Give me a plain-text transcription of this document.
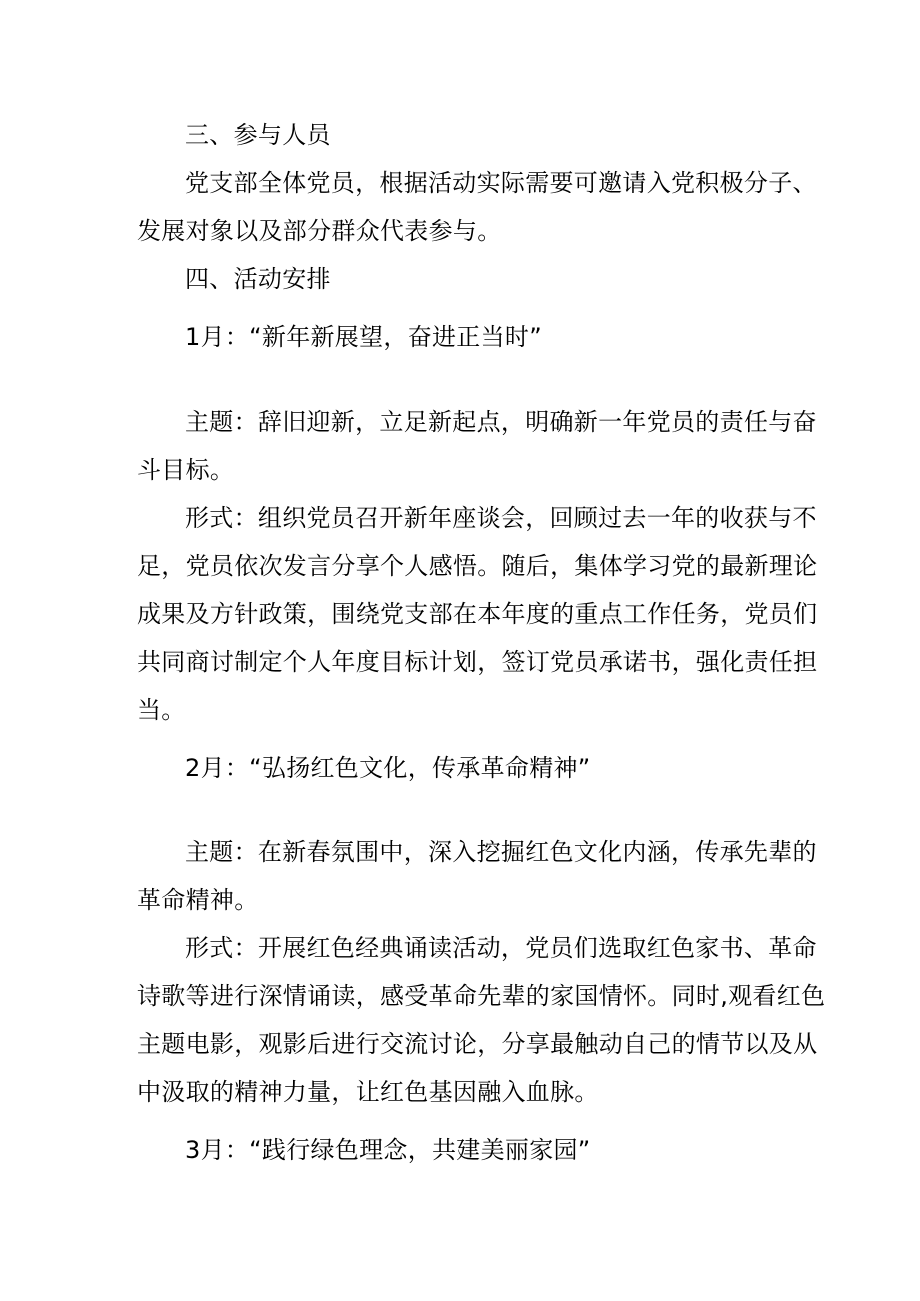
三、参与人员
党支部全体党员，根据活动实际需要可邀请入党积极分子、
发展对象以及部分群众代表参与。
四、活动安排
1月：“新年新展望，奋进正当时”
主题：辞旧迎新，立足新起点，明确新一年党员的责任与奋
斗目标。
形式：组织党员召开新年座谈会，回顾过去一年的收获与不
足，党员依次发言分享个人感悟。随后，集体学习党的最新理论
成果及方针政策，围绕党支部在本年度的重点工作任务，党员们
共同商讨制定个人年度目标计划，签订党员承诺书，强化责任担
当。
2月：“弘扬红色文化，传承革命精神”
主题：在新春氛围中，深入挖掘红色文化内涵，传承先辈的
革命精神。
形式：开展红色经典诵读活动，党员们选取红色家书、革命
诗歌等进行深情诵读，感受革命先辈的家国情怀。同时,观看红色
主题电影，观影后进行交流讨论，分享最触动自己的情节以及从
中汲取的精神力量，让红色基因融入血脉。
3月：“践行绿色理念，共建美丽家园”
